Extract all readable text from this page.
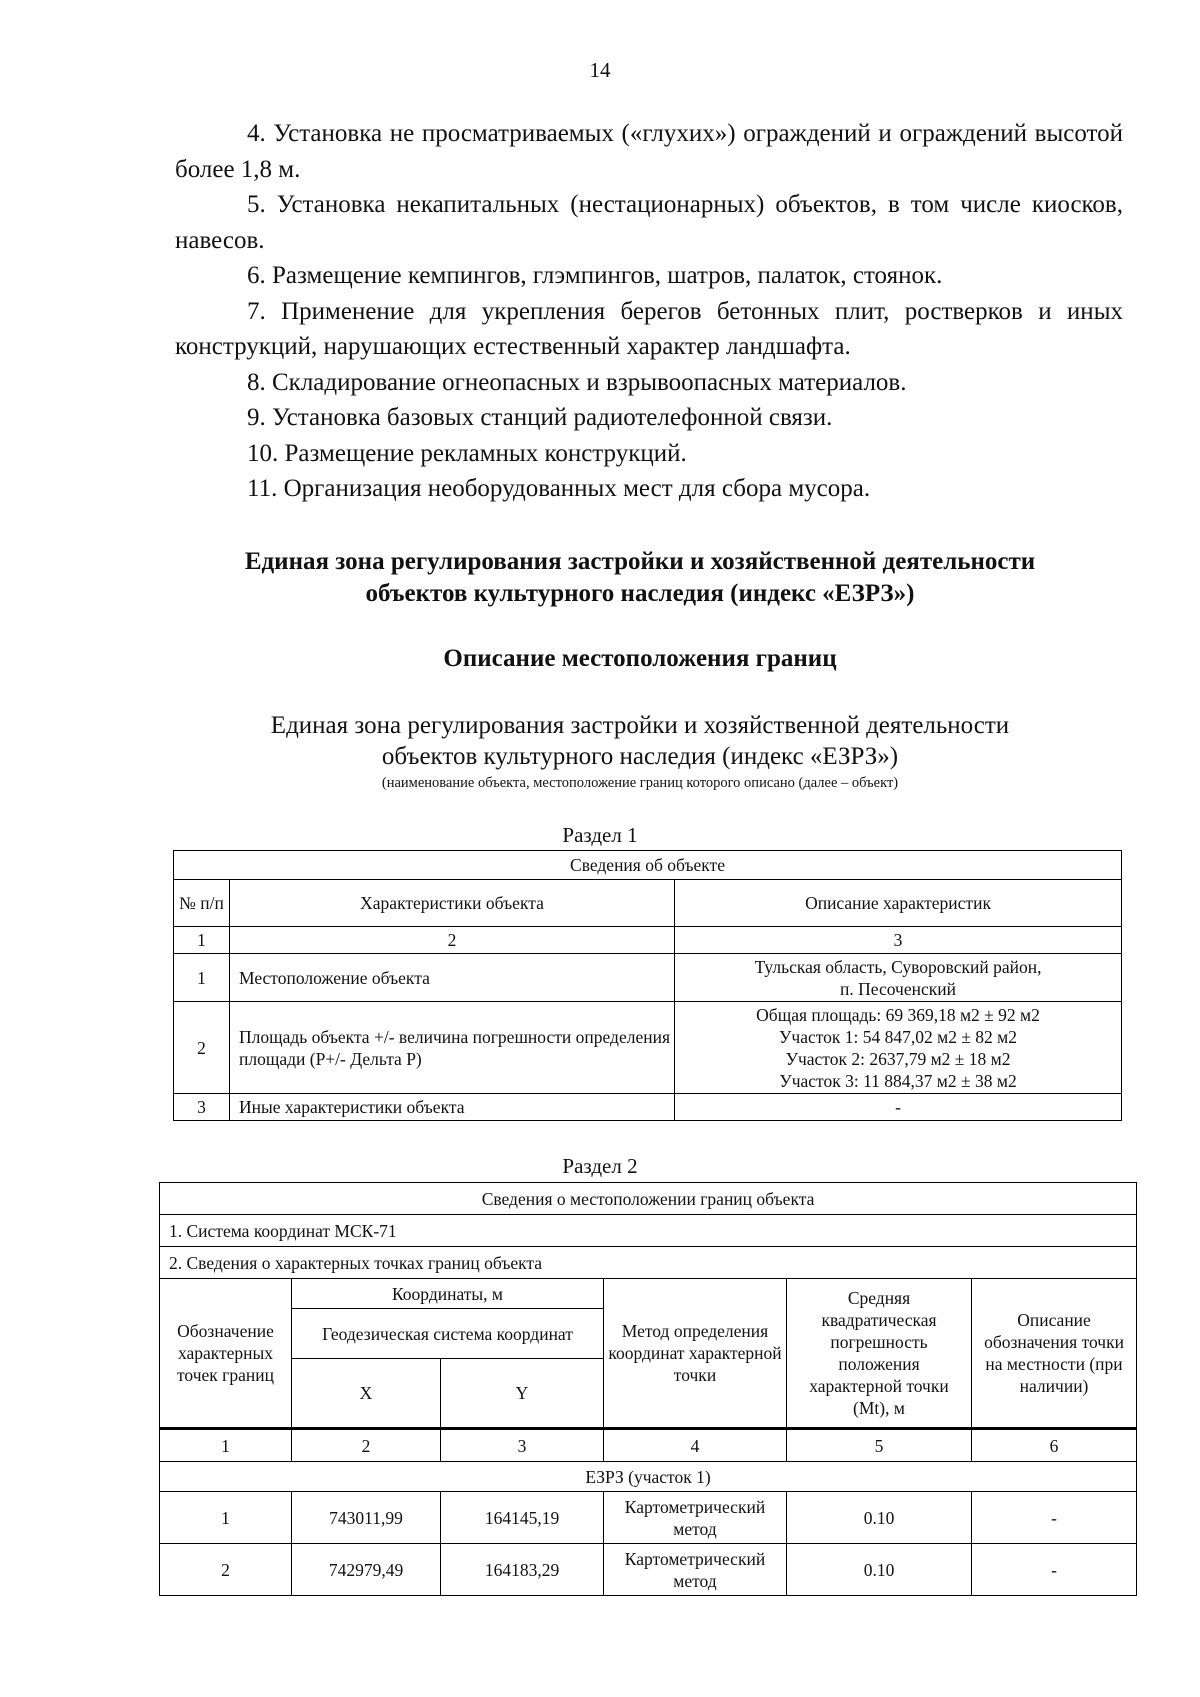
14

4. Установка не просматриваемых («глухих») ограждений и ограждений высотой более 1,8 м.

5. Установка некапитальных (нестационарных) объектов, в том числе киосков, навесов.

6. Размещение кемпингов, глэмпингов, шатров, палаток, стоянок.

7. Применение для укрепления берегов бетонных плит, ростверков и иных конструкций, нарушающих естественный характер ландшафта.

8. Складирование огнеопасных и взрывоопасных материалов.

9. Установка базовых станций радиотелефонной связи.

10. Размещение рекламных конструкций.

11. Организация необорудованных мест для сбора мусора.

Единая зона регулирования застройки и хозяйственной деятельности
объектов культурного наследия (индекс «ЕЗРЗ»)
Описание местоположения границ
Единая зона регулирования застройки и хозяйственной деятельности
объектов культурного наследия (индекс «ЕЗРЗ»)
(наименование объекта, местоположение границ которого описано (далее – объект)
Раздел 1
Сведения об объекте		
№ п/п	Характеристики объекта	Описание характеристик
1	2	3
1	Местоположение объекта	Тульская область, Суворовский район,
п. Песоченский

2	Площадь объекта +/- величина погрешности определения площади (P+/- Дельта P)	Общая площадь: 69 369,18 м2 ± 92 м2
Участок 1: 54 847,02 м2 ± 82 м2
Участок 2: 2637,79 м2 ± 18 м2
Участок 3: 11 884,37 м2 ± 38 м2

3	Иные характеристики объекта	-
Раздел 2
Сведения о местоположении границ объекта					
1. Система координат МСК-71					
2. Сведения о характерных точках границ объекта					
Обозначение характерных точек границ	Координаты, м		Метод определения координат характерной точки	Средняя квадратическая погрешность положения характерной точки (Mt), м	Описание обозначения точки на местности (при наличии)
	Геодезическая система координат				
	X	Y			
1	2	3	4	5	6
ЕЗРЗ (участок 1)					
1	743011,99	164145,19	Картометрический метод	0.10	-
2	742979,49	164183,29	Картометрический метод	0.10	-
